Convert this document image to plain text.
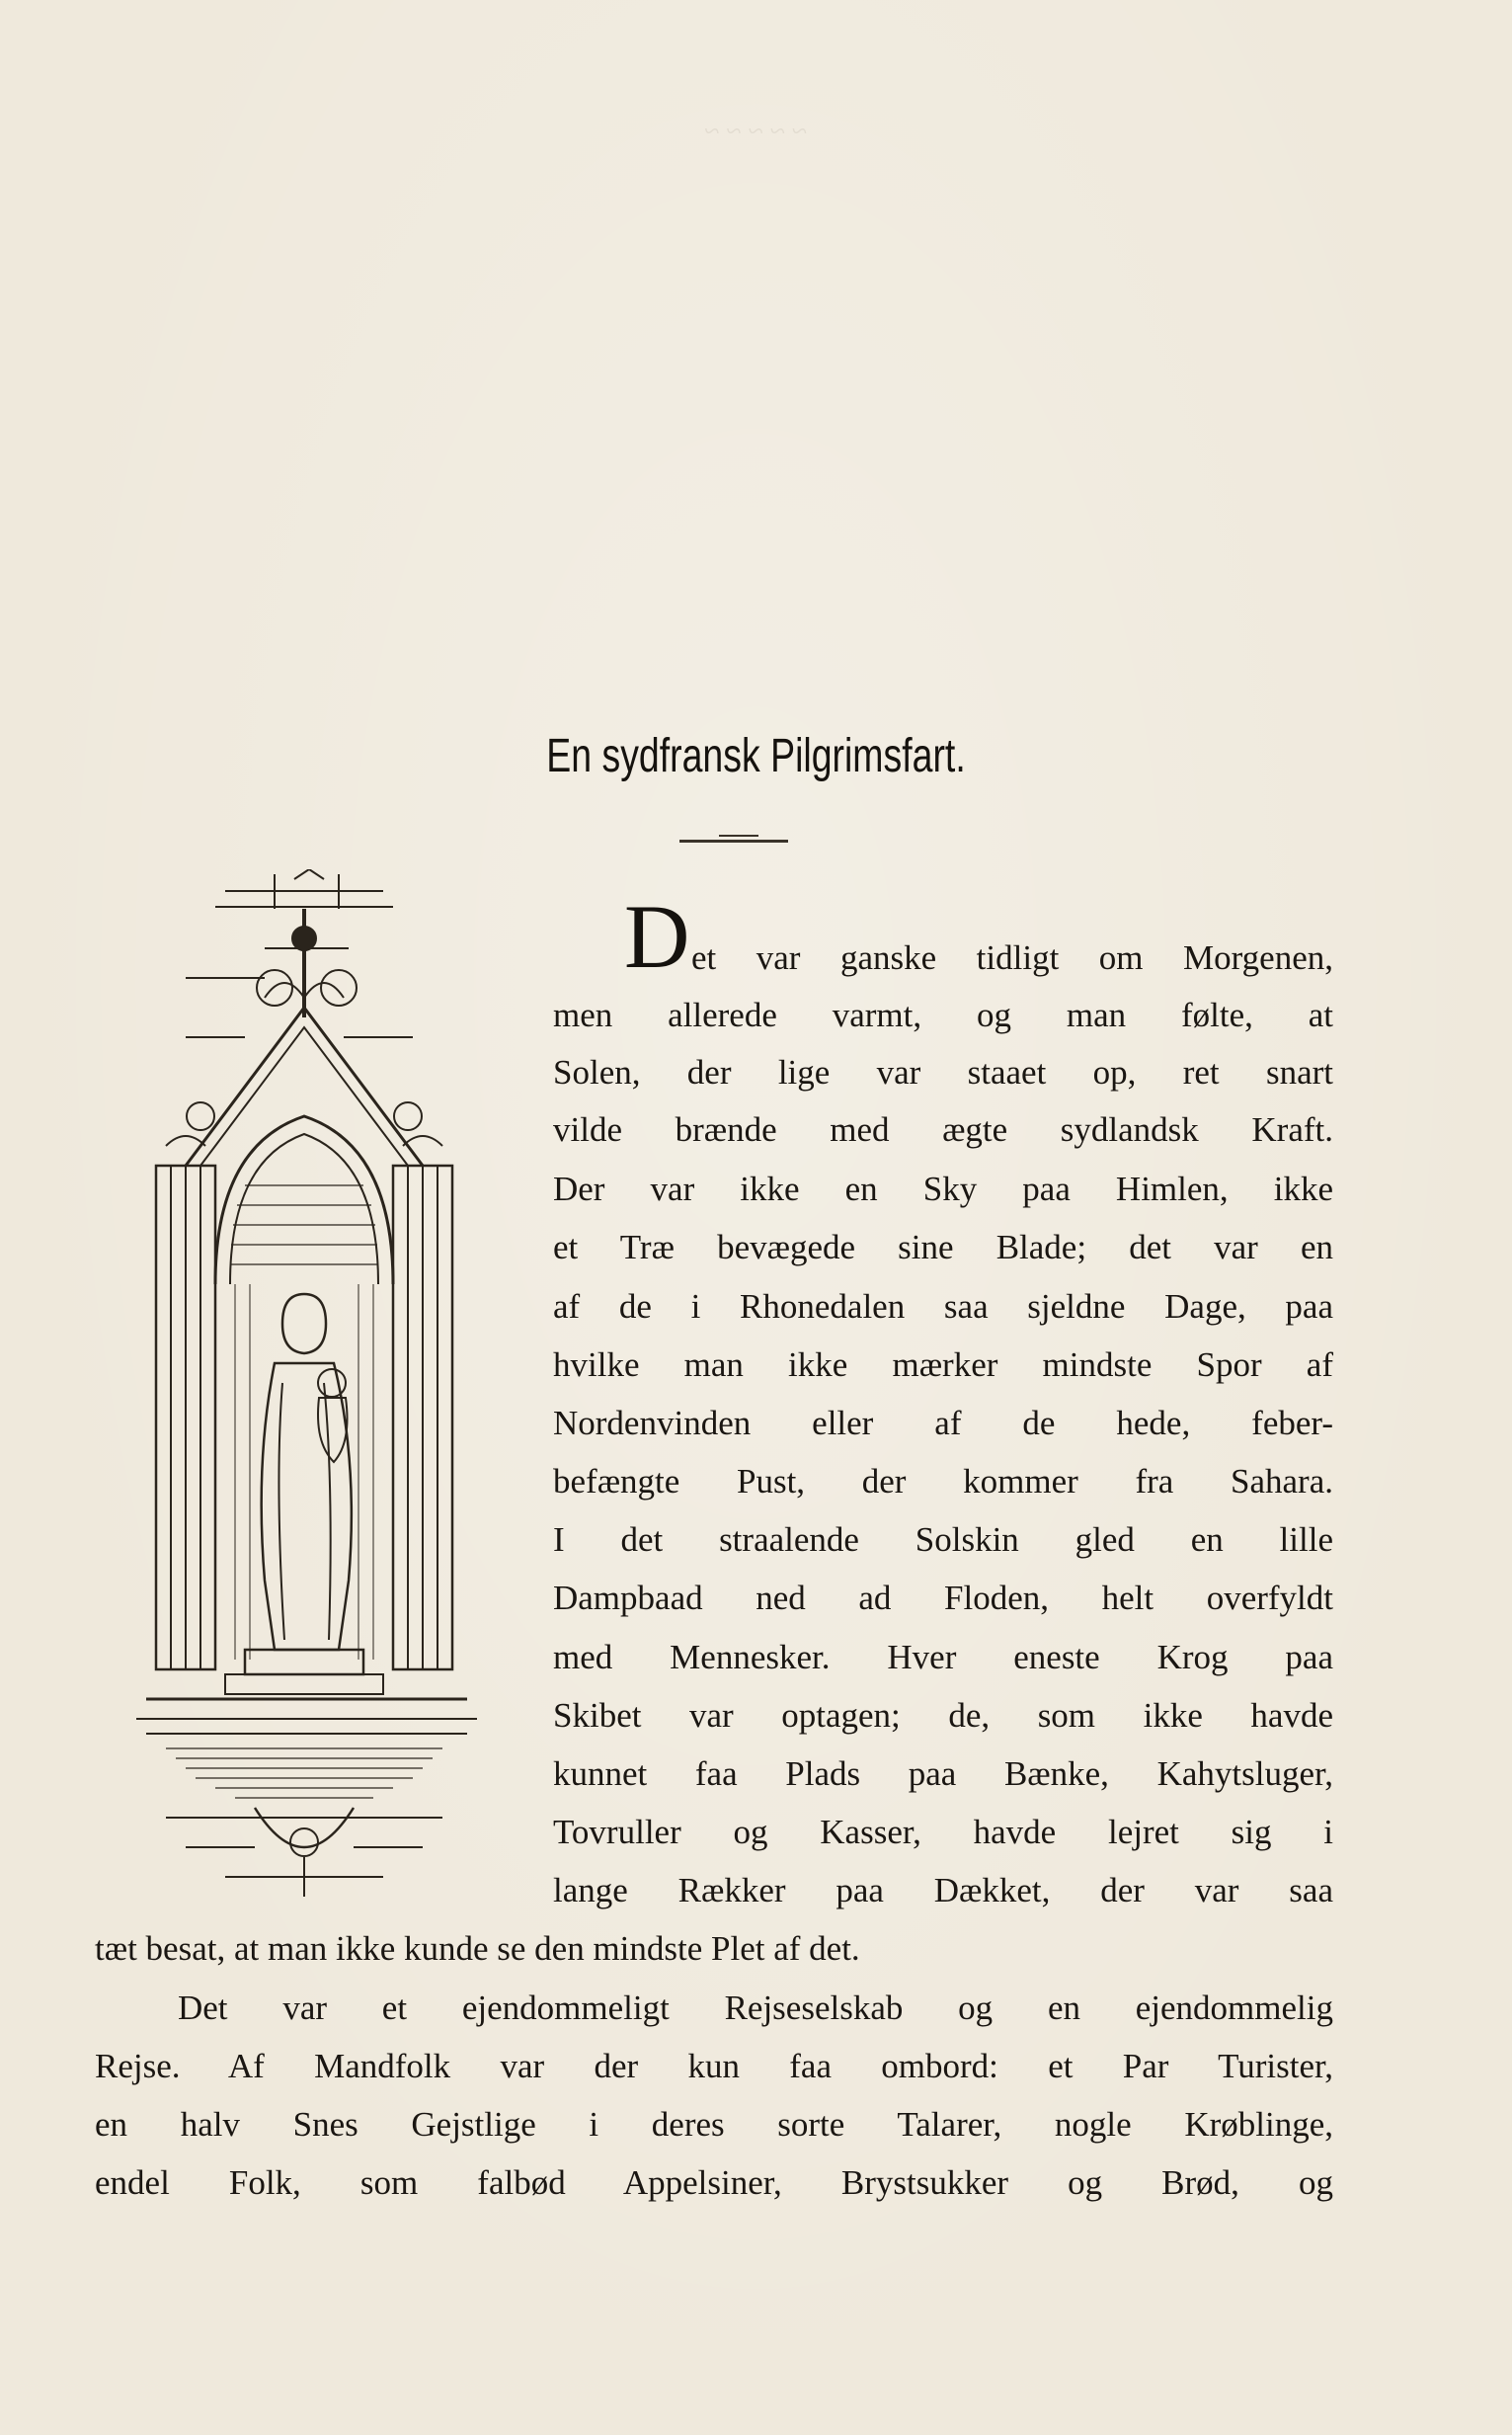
~ ~ ~ ~ ~
En sydfransk Pilgrimsfart.
D et var ganske tidligt om Morgenen,
men allerede varmt, og man følte, at
Solen, der lige var staaet op, ret snart
vilde brænde med ægte sydlandsk Kraft.
Der var ikke en Sky paa Himlen, ikke
et Træ bevægede sine Blade; det var en
af de i Rhonedalen saa sjeldne Dage, paa
hvilke man ikke mærker mindste Spor af
Nordenvinden eller af de hede, feber-
befængte Pust, der kommer fra Sahara.
I det straalende Solskin gled en lille
Dampbaad ned ad Floden, helt overfyldt
med Mennesker. Hver eneste Krog paa
Skibet var optagen; de, som ikke havde
kunnet faa Plads paa Bænke, Kahytsluger,
Tovruller og Kasser, havde lejret sig i
lange Rækker paa Dækket, der var saa
tæt besat, at man ikke kunde se den mindste Plet af det.
Det var et ejendommeligt Rejseselskab og en ejendommelig
Rejse. Af Mandfolk var der kun faa ombord: et Par Turister,
en halv Snes Gejstlige i deres sorte Talarer, nogle Krøblinge,
endel Folk, som falbød Appelsiner, Brystsukker og Brød, og
